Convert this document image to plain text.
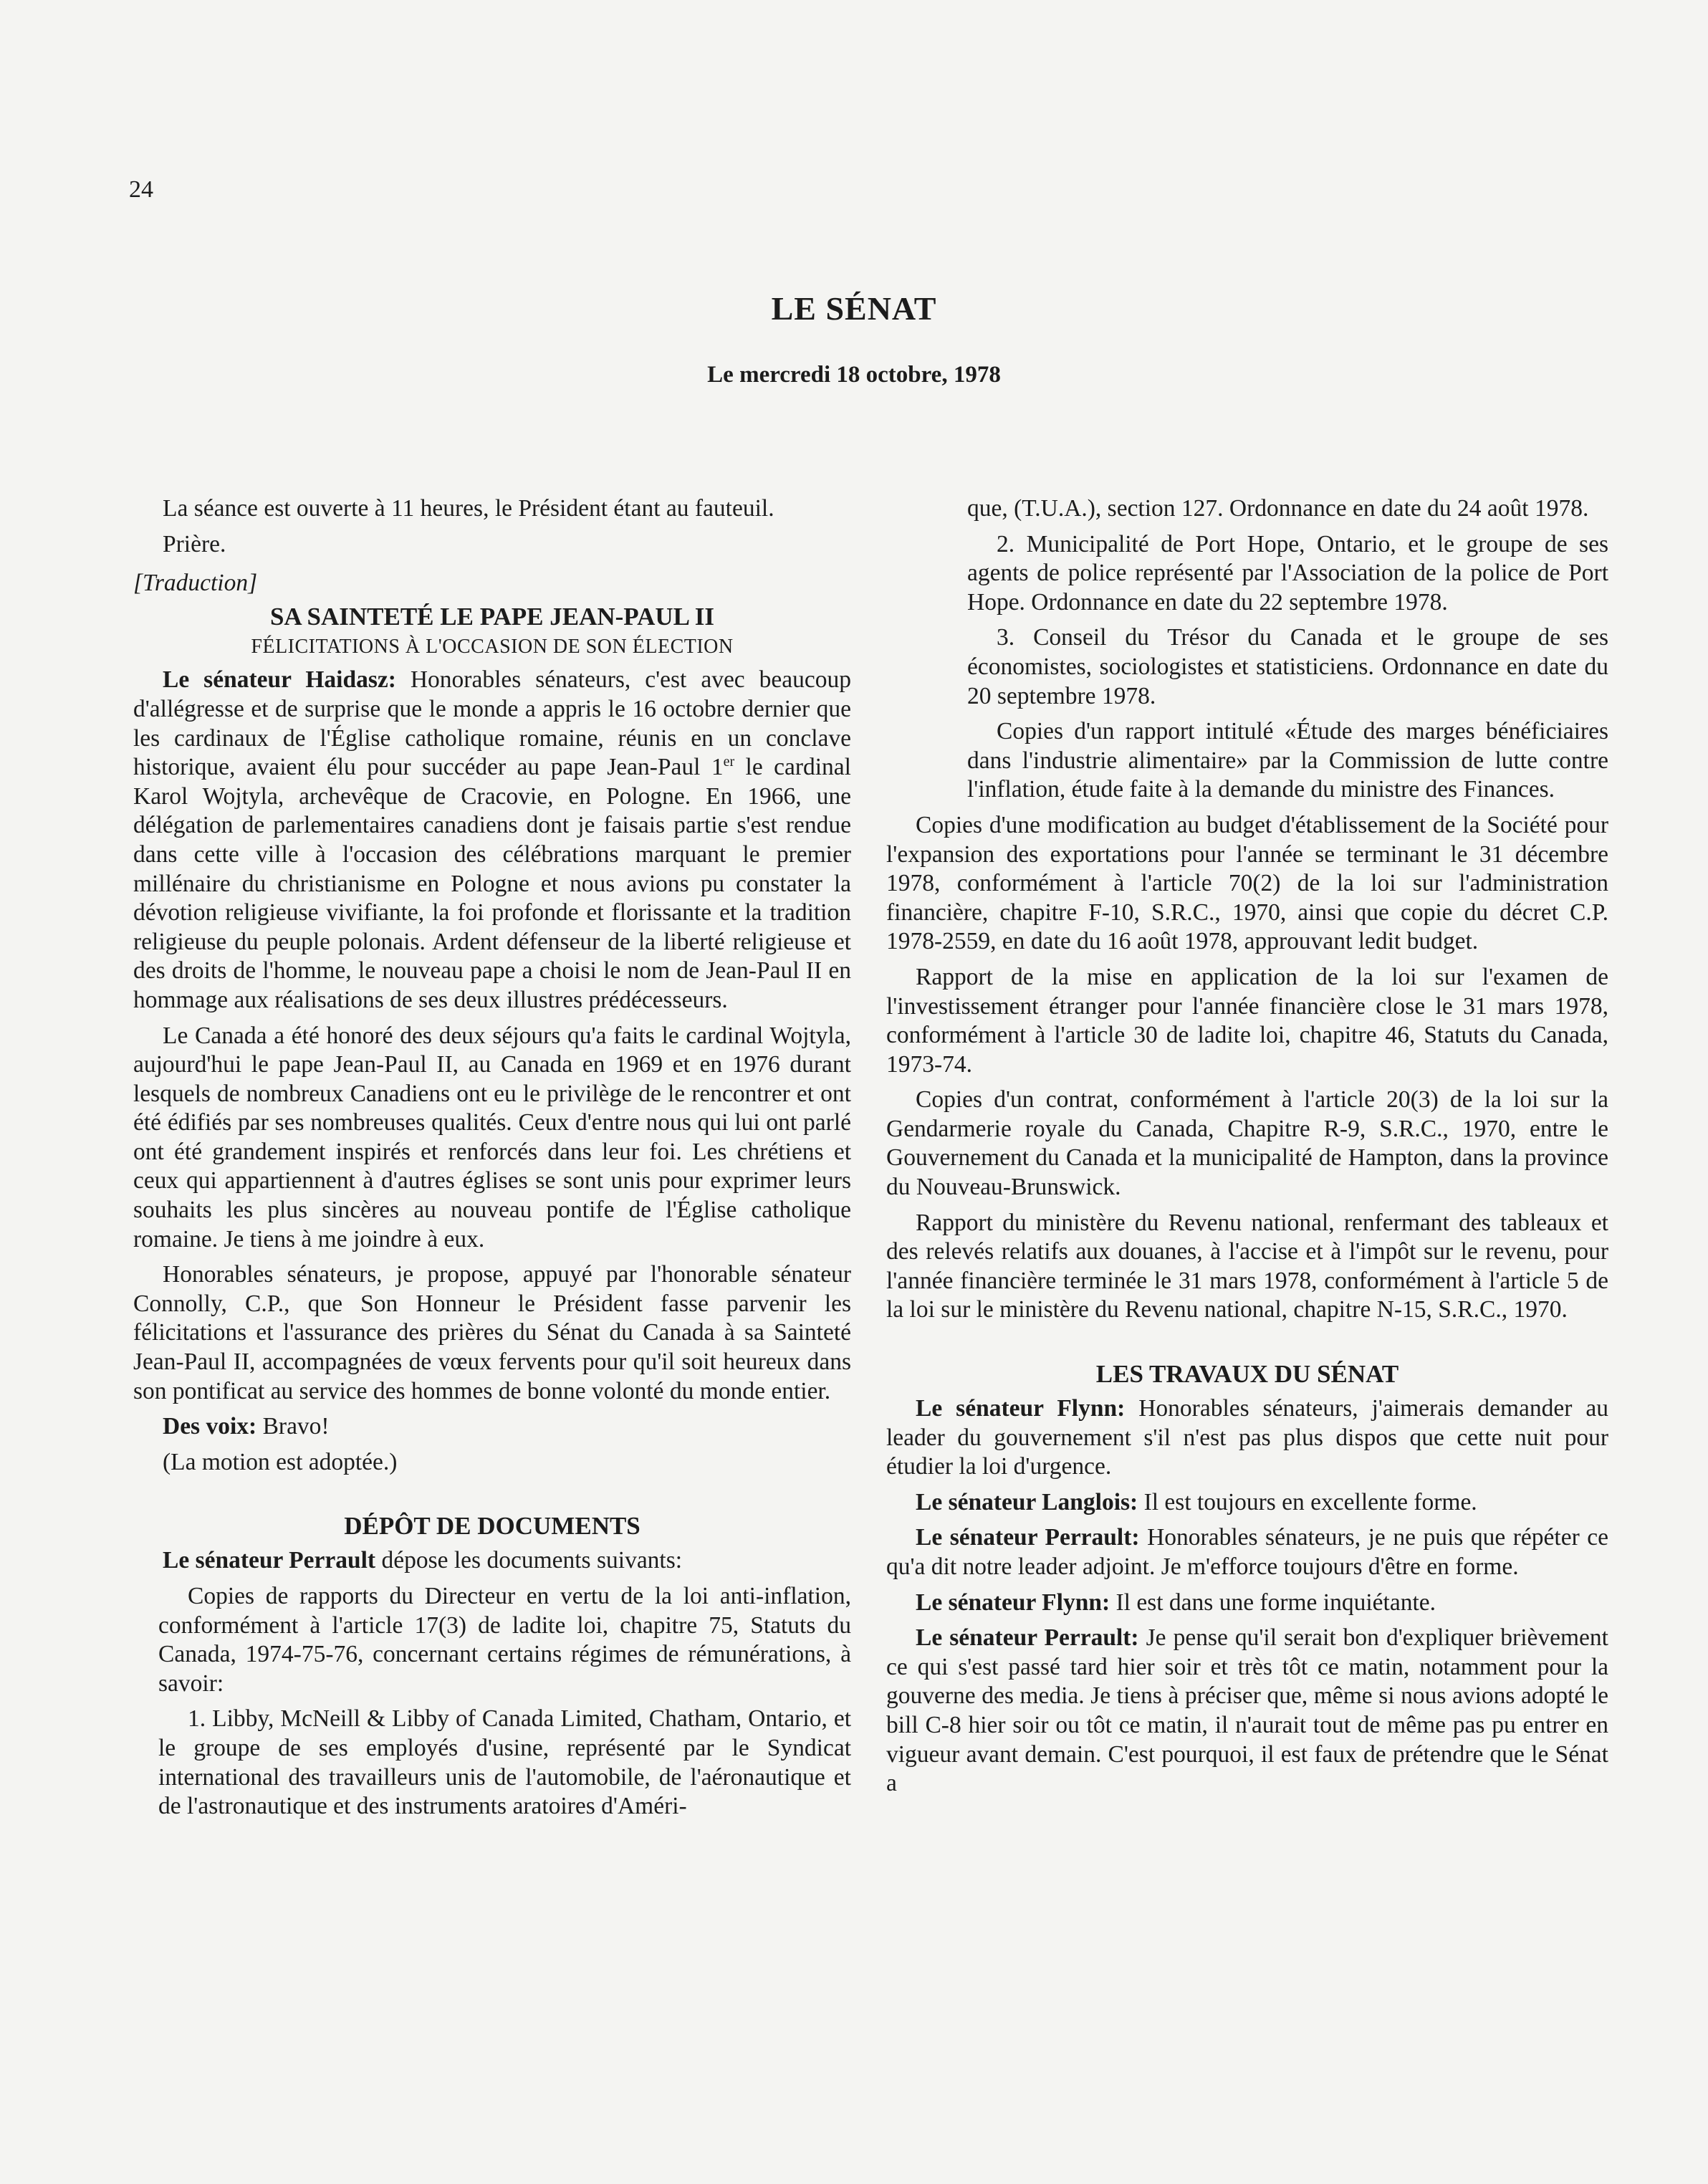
24
LE SÉNAT
Le mercredi 18 octobre, 1978

La séance est ouverte à 11 heures, le Président étant au fauteuil.

Prière.

[Traduction]
SA SAINTETÉ LE PAPE JEAN-PAUL II
FÉLICITATIONS À L'OCCASION DE SON ÉLECTION

Le sénateur Haidasz: Honorables sénateurs, c'est avec beaucoup d'allégresse et de surprise que le monde a appris le 16 octobre dernier que les cardinaux de l'Église catholique romaine, réunis en un conclave historique, avaient élu pour succéder au pape Jean-Paul 1er le cardinal Karol Wojtyla, archevêque de Cracovie, en Pologne. En 1966, une délégation de parlementaires canadiens dont je faisais partie s'est rendue dans cette ville à l'occasion des célébrations marquant le premier millénaire du christianisme en Pologne et nous avions pu constater la dévotion religieuse vivifiante, la foi profonde et florissante et la tradition religieuse du peuple polonais. Ardent défenseur de la liberté religieuse et des droits de l'homme, le nouveau pape a choisi le nom de Jean-Paul II en hommage aux réalisations de ses deux illustres prédécesseurs.

Le Canada a été honoré des deux séjours qu'a faits le cardinal Wojtyla, aujourd'hui le pape Jean-Paul II, au Canada en 1969 et en 1976 durant lesquels de nombreux Canadiens ont eu le privilège de le rencontrer et ont été édifiés par ses nombreuses qualités. Ceux d'entre nous qui lui ont parlé ont été grandement inspirés et renforcés dans leur foi. Les chrétiens et ceux qui appartiennent à d'autres églises se sont unis pour exprimer leurs souhaits les plus sincères au nouveau pontife de l'Église catholique romaine. Je tiens à me joindre à eux.

Honorables sénateurs, je propose, appuyé par l'honorable sénateur Connolly, C.P., que Son Honneur le Président fasse parvenir les félicitations et l'assurance des prières du Sénat du Canada à sa Sainteté Jean-Paul II, accompagnées de vœux fervents pour qu'il soit heureux dans son pontificat au service des hommes de bonne volonté du monde entier.

Des voix: Bravo!

(La motion est adoptée.)

DÉPÔT DE DOCUMENTS

Le sénateur Perrault dépose les documents suivants:

Copies de rapports du Directeur en vertu de la loi anti-inflation, conformément à l'article 17(3) de ladite loi, chapitre 75, Statuts du Canada, 1974-75-76, concernant certains régimes de rémunérations, à savoir:

1. Libby, McNeill & Libby of Canada Limited, Chatham, Ontario, et le groupe de ses employés d'usine, représenté par le Syndicat international des travailleurs unis de l'automobile, de l'aéronautique et de l'astronautique et des instruments aratoires d'Améri-

que, (T.U.A.), section 127. Ordonnance en date du 24 août 1978.

2. Municipalité de Port Hope, Ontario, et le groupe de ses agents de police représenté par l'Association de la police de Port Hope. Ordonnance en date du 22 septembre 1978.

3. Conseil du Trésor du Canada et le groupe de ses économistes, sociologistes et statisticiens. Ordonnance en date du 20 septembre 1978.

Copies d'un rapport intitulé «Étude des marges bénéficiaires dans l'industrie alimentaire» par la Commission de lutte contre l'inflation, étude faite à la demande du ministre des Finances.

Copies d'une modification au budget d'établissement de la Société pour l'expansion des exportations pour l'année se terminant le 31 décembre 1978, conformément à l'article 70(2) de la loi sur l'administration financière, chapitre F-10, S.R.C., 1970, ainsi que copie du décret C.P. 1978-2559, en date du 16 août 1978, approuvant ledit budget.

Rapport de la mise en application de la loi sur l'examen de l'investissement étranger pour l'année financière close le 31 mars 1978, conformément à l'article 30 de ladite loi, chapitre 46, Statuts du Canada, 1973-74.

Copies d'un contrat, conformément à l'article 20(3) de la loi sur la Gendarmerie royale du Canada, Chapitre R-9, S.R.C., 1970, entre le Gouvernement du Canada et la municipalité de Hampton, dans la province du Nouveau-Brunswick.

Rapport du ministère du Revenu national, renfermant des tableaux et des relevés relatifs aux douanes, à l'accise et à l'impôt sur le revenu, pour l'année financière terminée le 31 mars 1978, conformément à l'article 5 de la loi sur le ministère du Revenu national, chapitre N-15, S.R.C., 1970.

LES TRAVAUX DU SÉNAT

Le sénateur Flynn: Honorables sénateurs, j'aimerais demander au leader du gouvernement s'il n'est pas plus dispos que cette nuit pour étudier la loi d'urgence.

Le sénateur Langlois: Il est toujours en excellente forme.

Le sénateur Perrault: Honorables sénateurs, je ne puis que répéter ce qu'a dit notre leader adjoint. Je m'efforce toujours d'être en forme.

Le sénateur Flynn: Il est dans une forme inquiétante.

Le sénateur Perrault: Je pense qu'il serait bon d'expliquer brièvement ce qui s'est passé tard hier soir et très tôt ce matin, notamment pour la gouverne des media. Je tiens à préciser que, même si nous avions adopté le bill C-8 hier soir ou tôt ce matin, il n'aurait tout de même pas pu entrer en vigueur avant demain. C'est pourquoi, il est faux de prétendre que le Sénat a
